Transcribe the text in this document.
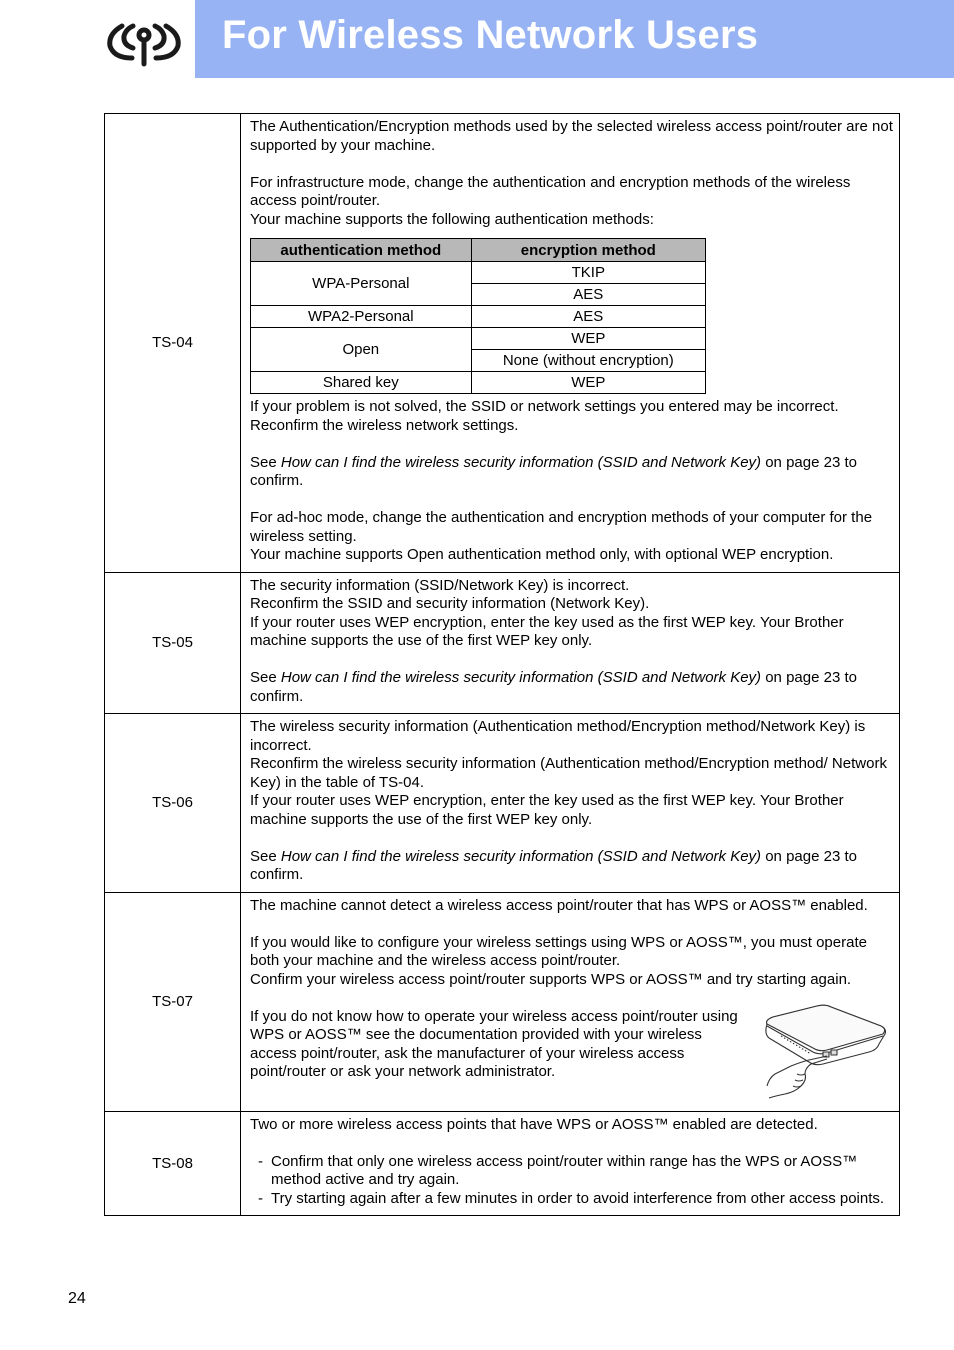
For Wireless Network Users
TS-04	

The Authentication/Encryption methods used by the selected wireless access point/router are not supported by your machine.

For infrastructure mode, change the authentication and encryption methods of the wireless access point/router.

Your machine supports the following authentication methods:

authentication method	encryption method
WPA-Personal	TKIP
AES
WPA2-Personal	AES
Open	WEP
None (without encryption)
Shared key	WEP

If your problem is not solved, the SSID or network settings you entered may be incorrect. Reconfirm the wireless network settings.

See How can I find the wireless security information (SSID and Network Key) on page 23 to confirm.

For ad-hoc mode, change the authentication and encryption methods of your computer for the wireless setting.

Your machine supports Open authentication method only, with optional WEP encryption.

TS-05	

The security information (SSID/Network Key) is incorrect.

Reconfirm the SSID and security information (Network Key).

If your router uses WEP encryption, enter the key used as the first WEP key. Your Brother machine supports the use of the first WEP key only.

See How can I find the wireless security information (SSID and Network Key) on page 23 to confirm.

TS-06	

The wireless security information (Authentication method/Encryption method/Network Key) is incorrect.

Reconfirm the wireless security information (Authentication method/Encryption method/ Network Key) in the table of TS-04.

If your router uses WEP encryption, enter the key used as the first WEP key. Your Brother machine supports the use of the first WEP key only.

See How can I find the wireless security information (SSID and Network Key) on page 23 to confirm.

TS-07	

The machine cannot detect a wireless access point/router that has WPS or AOSS™ enabled.

If you would like to configure your wireless settings using WPS or AOSS™, you must operate both your machine and the wireless access point/router.

Confirm your wireless access point/router supports WPS or AOSS™ and try starting again.

If you do not know how to operate your wireless access point/router using WPS or AOSS™ see the documentation provided with your wireless access point/router, ask the manufacturer of your wireless access point/router or ask your network administrator.

TS-08	

Two or more wireless access points that have WPS or AOSS™ enabled are detected.

- Confirm that only one wireless access point/router within range has the WPS or AOSS™ method active and try again.
- Try starting again after a few minutes in order to avoid interference from other access points.
24
